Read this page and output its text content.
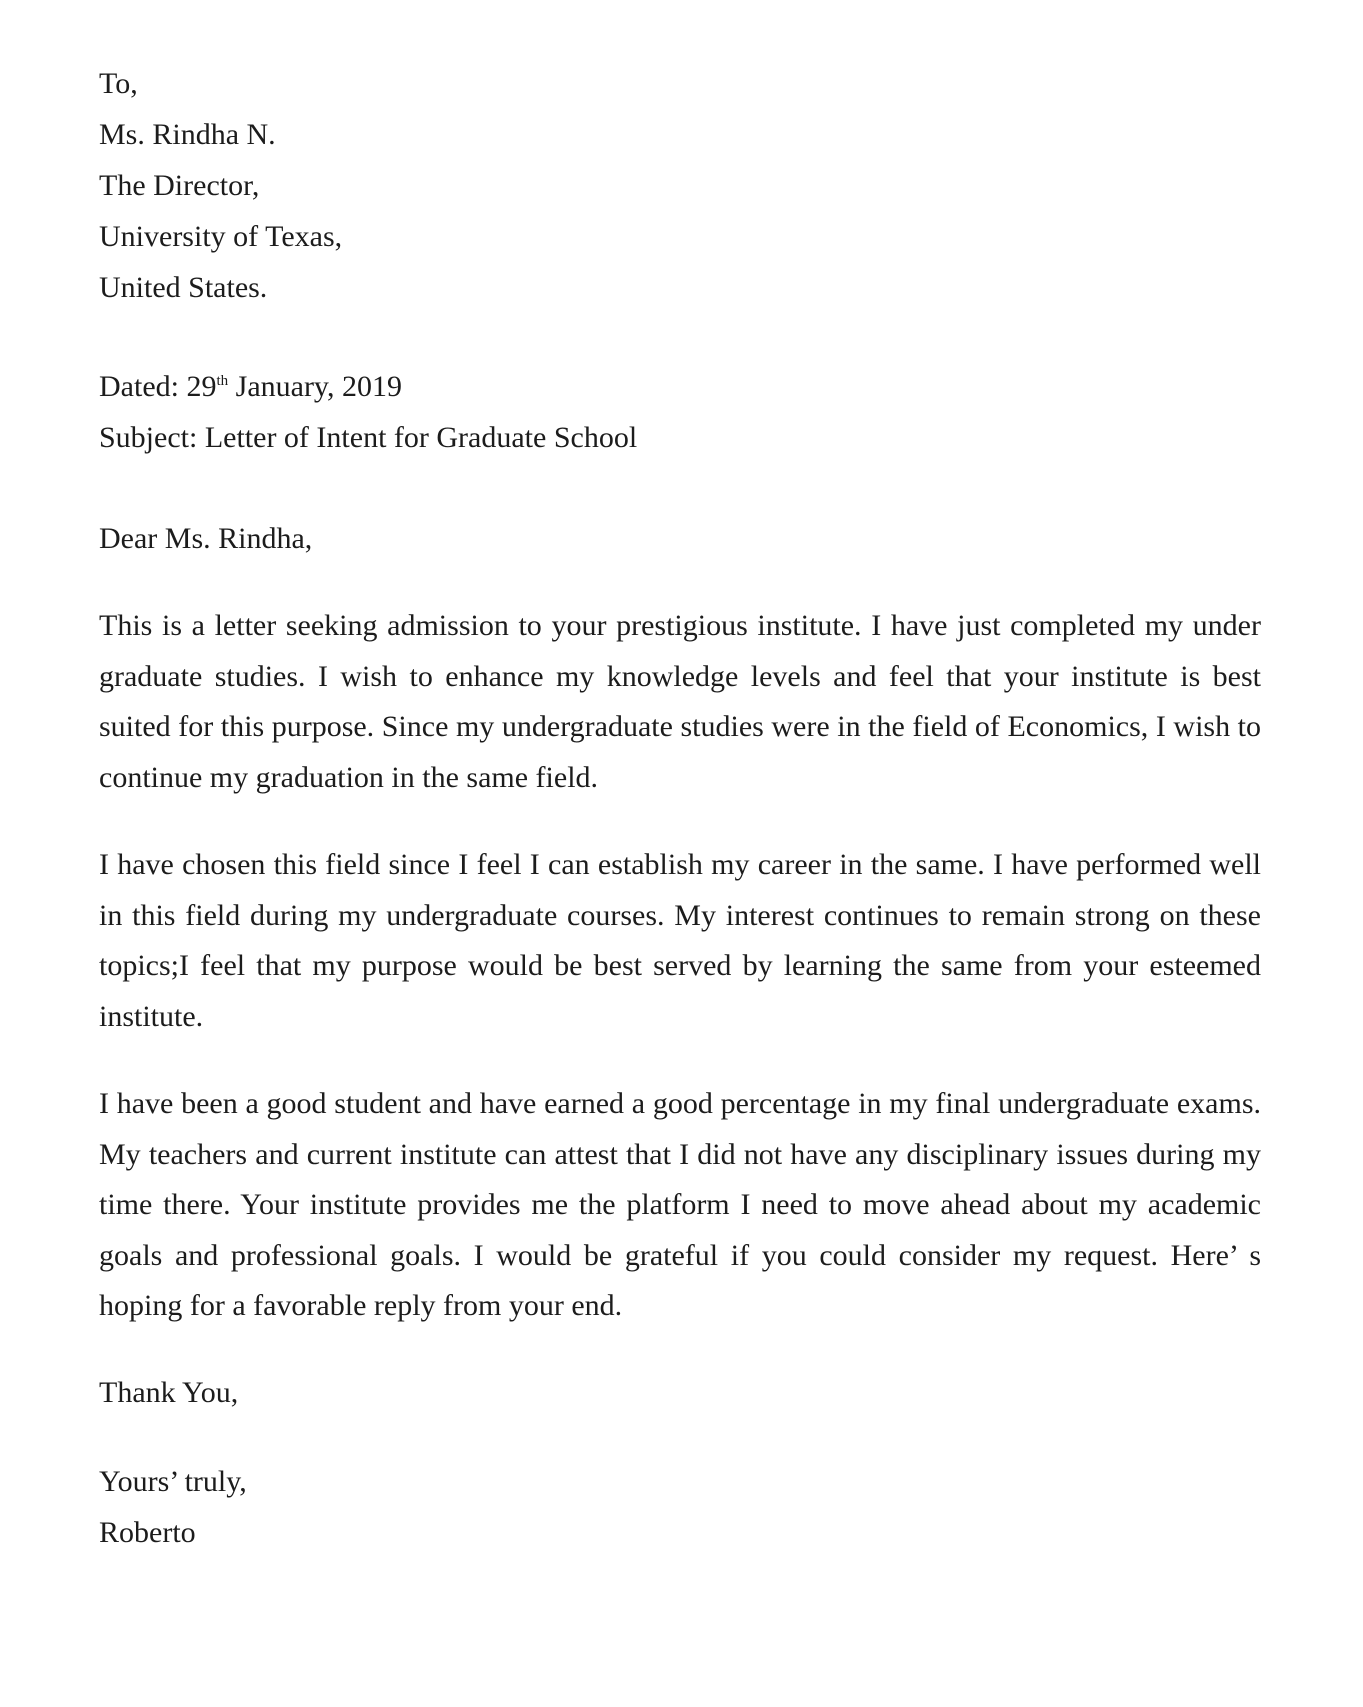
To,
Ms. Rindha N.
The Director,
University of Texas,
United States.
Dated: 29th January, 2019
Subject: Letter of Intent for Graduate School
Dear Ms. Rindha,
This is a letter seeking admission to your prestigious institute. I have just completed my under graduate studies. I wish to enhance my knowledge levels and feel that your institute is best suited for this purpose. Since my undergraduate studies were in the field of Economics, I wish to continue my graduation in the same field.
I have chosen this field since I feel I can establish my career in the same. I have performed well in this field during my undergraduate courses. My interest continues to remain strong on these topics;I feel that my purpose would be best served by learning the same from your esteemed institute.
I have been a good student and have earned a good percentage in my final undergraduate exams. My teachers and current institute can attest that I did not have any disciplinary issues during my time there. Your institute provides me the platform I need to move ahead about my academic goals and professional goals. I would be grateful if you could consider my request. Here’ s hoping for a favorable reply from your end.
Thank You,
Yours’ truly,
Roberto
